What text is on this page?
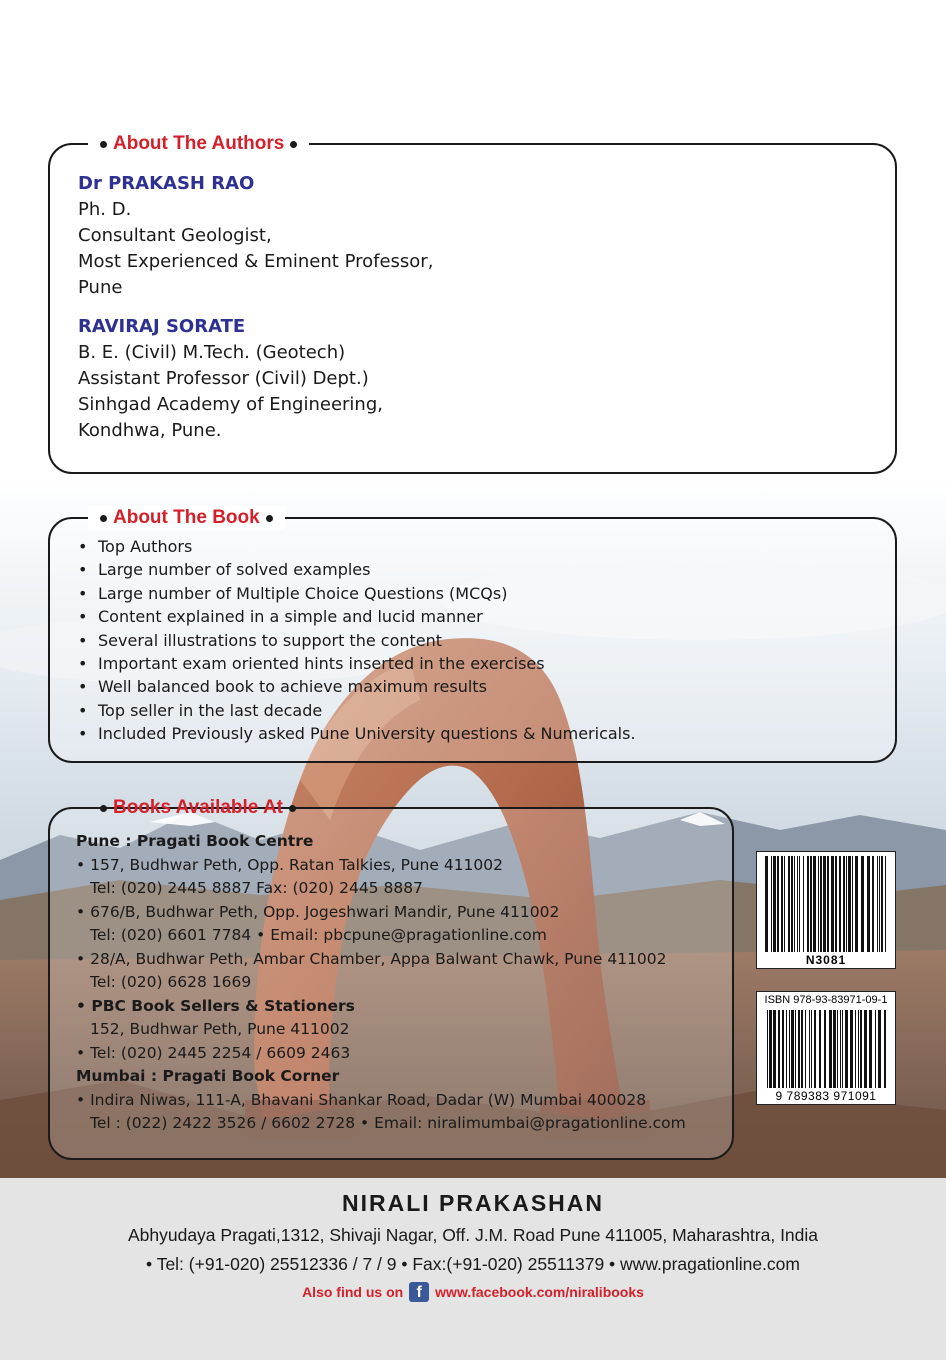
About The Authors
Dr PRAKASH RAO
Ph. D.
Consultant Geologist,
Most Experienced & Eminent Professor,
Pune
RAVIRAJ SORATE
B. E. (Civil) M.Tech. (Geotech)
Assistant Professor (Civil) Dept.)
Sinhgad Academy of Engineering,
Kondhwa, Pune.
About The Book
• Top Authors
• Large number of solved examples
• Large number of Multiple Choice Questions (MCQs)
• Content explained in a simple and lucid manner
• Several illustrations to support the content
• Important exam oriented hints inserted in the exercises
• Well balanced book to achieve maximum results
• Top seller in the last decade
• Included Previously asked Pune University questions & Numericals.
Books Available At
Pune : Pragati Book Centre
• 157, Budhwar Peth, Opp. Ratan Talkies, Pune 411002
Tel: (020) 2445 8887 Fax: (020) 2445 8887
• 676/B, Budhwar Peth, Opp. Jogeshwari Mandir, Pune 411002
Tel: (020) 6601 7784 • Email: pbcpune@pragationline.com
• 28/A, Budhwar Peth, Ambar Chamber, Appa Balwant Chawk, Pune 411002
Tel: (020) 6628 1669
• PBC Book Sellers & Stationers
152, Budhwar Peth, Pune 411002
• Tel: (020) 2445 2254 / 6609 2463
Mumbai : Pragati Book Corner
• Indira Niwas, 111-A, Bhavani Shankar Road, Dadar (W) Mumbai 400028
Tel : (022) 2422 3526 / 6602 2728 • Email: niralimumbai@pragationline.com
N3081
ISBN 978-93-83971-09-1
9 789383 971091
NIRALI PRAKASHAN
Abhyudaya Pragati,1312, Shivaji Nagar, Off. J.M. Road Pune 411005, Maharashtra, India
• Tel: (+91-020) 25512336 / 7 / 9 • Fax:(+91-020) 25511379 • www.pragationline.com
Also find us on f www.facebook.com/niralibooks
